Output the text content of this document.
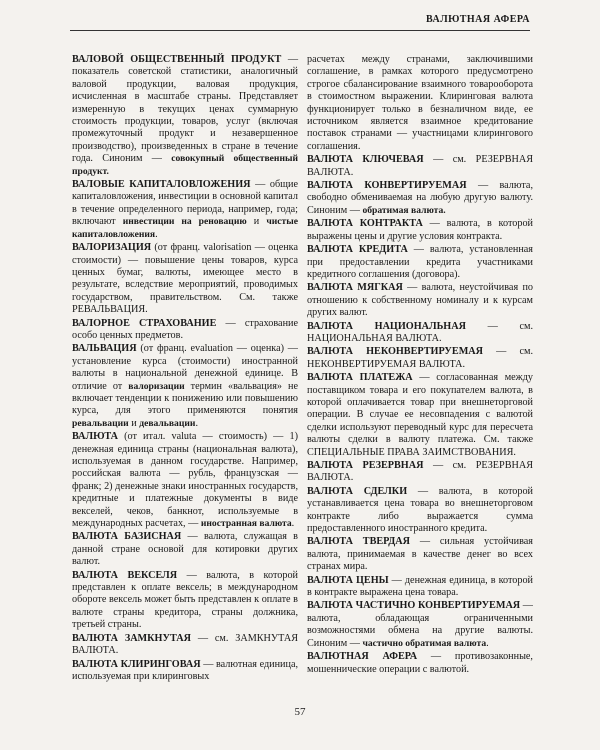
ВАЛЮТНАЯ АФЕРА

ВАЛОВОЙ ОБЩЕСТВЕННЫЙ ПРОДУКТ — показатель советской статистики, аналогичный валовой продукции, валовая продукция, исчисленная в масштабе страны. Представляет измеренную в текущих ценах суммарную стоимость продукции, товаров, услуг (включая промежуточный продукт и незавершенное производство), произведенных в стране в течение года. Синоним — совокупный общественный продукт.

ВАЛОВЫЕ КАПИТАЛОВЛОЖЕНИЯ — общие капиталовложения, инвестиции в основной капитал в течение определенного периода, например, года; включают инвестиции на реновацию и чистые капиталовложения.

ВАЛОРИЗАЦИЯ (от франц. valorisation — оценка стоимости) — повышение цены товаров, курса ценных бумаг, валюты, имеющее место в результате, вследствие мероприятий, проводимых государством, правительством. См. также РЕВАЛЬВАЦИЯ.

ВАЛОРНОЕ СТРАХОВАНИЕ — страхование особо ценных предметов.

ВАЛЬВАЦИЯ (от франц. evaluation — оценка) — установление курса (стоимости) иностранной валюты в национальной денежной единице. В отличие от валоризации термин «вальвация» не включает тенденции к понижению или повышению курса, для этого применяются понятия ревальвации и девальвации.

ВАЛЮТА (от итал. valuta — стоимость) — 1) денежная единица страны (национальная валюта), используемая в данном государстве. Например, российская валюта — рубль, французская — франк; 2) денежные знаки иностранных государств, кредитные и платежные документы в виде векселей, чеков, банкнот, используемые в международных расчетах, — иностранная валюта.

ВАЛЮТА БАЗИСНАЯ — валюта, служащая в данной стране основой для котировки других валют.

ВАЛЮТА ВЕКСЕЛЯ — валюта, в которой представлен к оплате вексель; в международном обороте вексель может быть представлен к оплате в валюте страны кредитора, страны должника, третьей страны.

ВАЛЮТА ЗАМКНУТАЯ — см. ЗАМКНУТАЯ ВАЛЮТА.

ВАЛЮТА КЛИРИНГОВАЯ — валютная единица, используемая при клиринговых

расчетах между странами, заключившими соглашение, в рамках которого предусмотрено строгое сбалансирование взаимного товарооборота в стоимостном выражении. Клиринговая валюта функционирует только в безналичном виде, ее источником является взаимное кредитование поставок странами — участницами клирингового соглашения.

ВАЛЮТА КЛЮЧЕВАЯ — см. РЕЗЕРВНАЯ ВАЛЮТА.

ВАЛЮТА КОНВЕРТИРУЕМАЯ — валюта, свободно обмениваемая на любую другую валюту. Синоним — обратимая валюта.

ВАЛЮТА КОНТРАКТА — валюта, в которой выражены цены и другие условия контракта.

ВАЛЮТА КРЕДИТА — валюта, установленная при предоставлении кредита участниками кредитного соглашения (договора).

ВАЛЮТА МЯГКАЯ — валюта, неустойчивая по отношению к собственному номиналу и к курсам других валют.

ВАЛЮТА НАЦИОНАЛЬНАЯ — см. НАЦИОНАЛЬНАЯ ВАЛЮТА.

ВАЛЮТА НЕКОНВЕРТИРУЕМАЯ — см. НЕКОНВЕРТИРУЕМАЯ ВАЛЮТА.

ВАЛЮТА ПЛАТЕЖА — согласованная между поставщиком товара и его покупателем валюта, в которой оплачивается товар при внешнеторговой операции. В случае ее несовпадения с валютой сделки используют переводный курс для пересчета валюты сделки в валюту платежа. См. также СПЕЦИАЛЬНЫЕ ПРАВА ЗАИМСТВОВАНИЯ.

ВАЛЮТА РЕЗЕРВНАЯ — см. РЕЗЕРВНАЯ ВАЛЮТА.

ВАЛЮТА СДЕЛКИ — валюта, в которой устанавливается цена товара во внешнеторговом контракте либо выражается сумма предоставленного иностранного кредита.

ВАЛЮТА ТВЕРДАЯ — сильная устойчивая валюта, принимаемая в качестве денег во всех странах мира.

ВАЛЮТА ЦЕНЫ — денежная единица, в которой в контракте выражена цена товара.

ВАЛЮТА ЧАСТИЧНО КОНВЕРТИРУЕМАЯ — валюта, обладающая ограниченными возможностями обмена на другие валюты. Синоним — частично обратимая валюта.

ВАЛЮТНАЯ АФЕРА — противозаконные, мошеннические операции с валютой.

57
